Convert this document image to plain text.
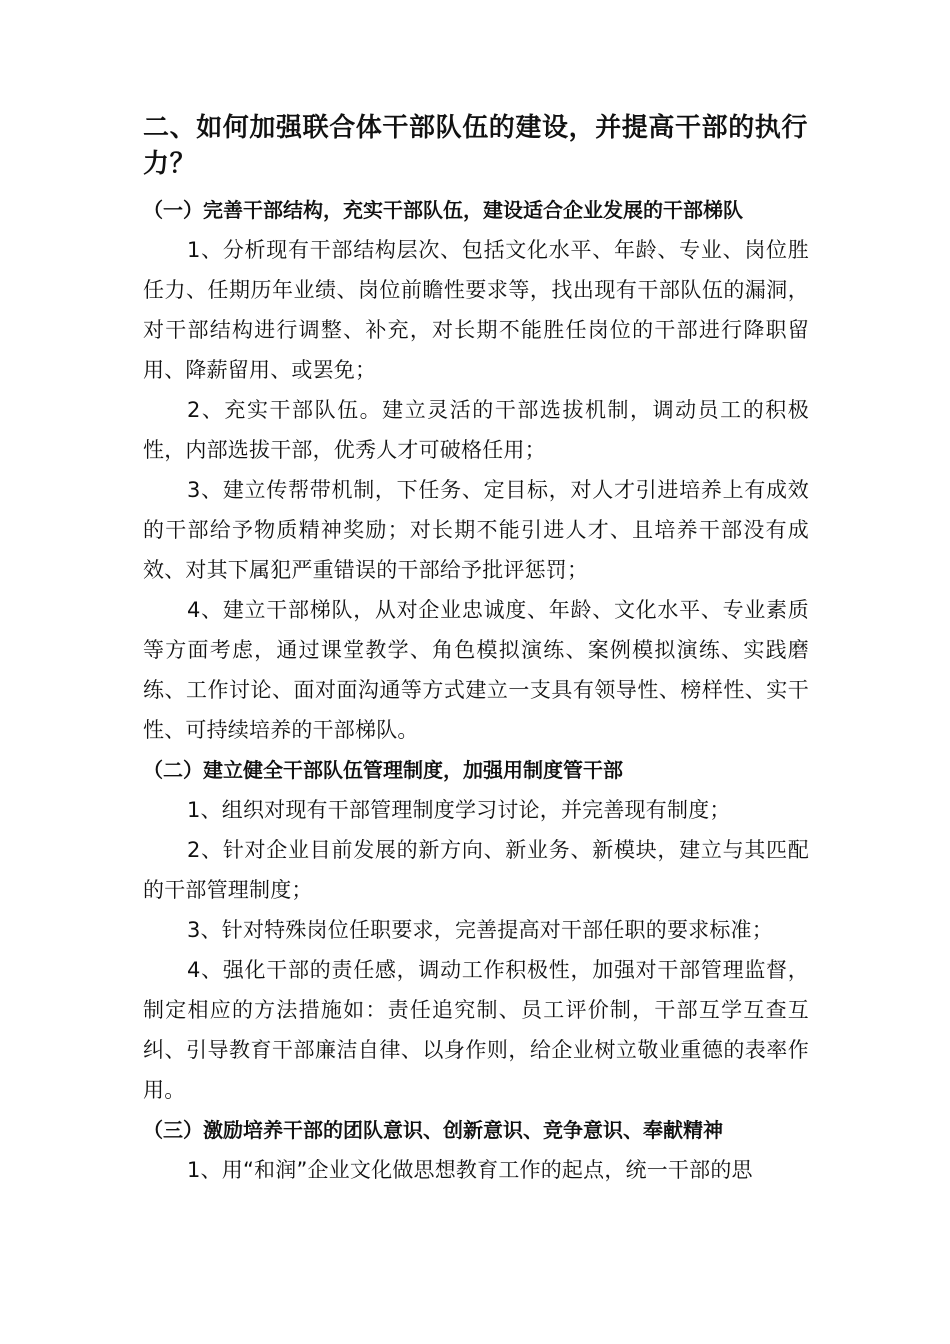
二、如何加强联合体干部队伍的建设，并提高干部的执行力？
（一）完善干部结构，充实干部队伍，建设适合企业发展的干部梯队

1、分析现有干部结构层次、包括文化水平、年龄、专业、岗位胜任力、任期历年业绩、岗位前瞻性要求等，找出现有干部队伍的漏洞，对干部结构进行调整、补充，对长期不能胜任岗位的干部进行降职留用、降薪留用、或罢免；

2、充实干部队伍。建立灵活的干部选拔机制，调动员工的积极性，内部选拔干部，优秀人才可破格任用；

3、建立传帮带机制，下任务、定目标，对人才引进培养上有成效的干部给予物质精神奖励；对长期不能引进人才、且培养干部没有成效、对其下属犯严重错误的干部给予批评惩罚；

4、建立干部梯队，从对企业忠诚度、年龄、文化水平、专业素质等方面考虑，通过课堂教学、角色模拟演练、案例模拟演练、实践磨练、工作讨论、面对面沟通等方式建立一支具有领导性、榜样性、实干性、可持续培养的干部梯队。

（二）建立健全干部队伍管理制度，加强用制度管干部

1、组织对现有干部管理制度学习讨论，并完善现有制度；

2、针对企业目前发展的新方向、新业务、新模块，建立与其匹配的干部管理制度；

3、针对特殊岗位任职要求，完善提高对干部任职的要求标准；

4、强化干部的责任感，调动工作积极性，加强对干部管理监督，制定相应的方法措施如：责任追究制、员工评价制，干部互学互查互纠、引导教育干部廉洁自律、以身作则，给企业树立敬业重德的表率作用。

（三）激励培养干部的团队意识、创新意识、竞争意识、奉献精神

1、用“和润”企业文化做思想教育工作的起点，统一干部的思
